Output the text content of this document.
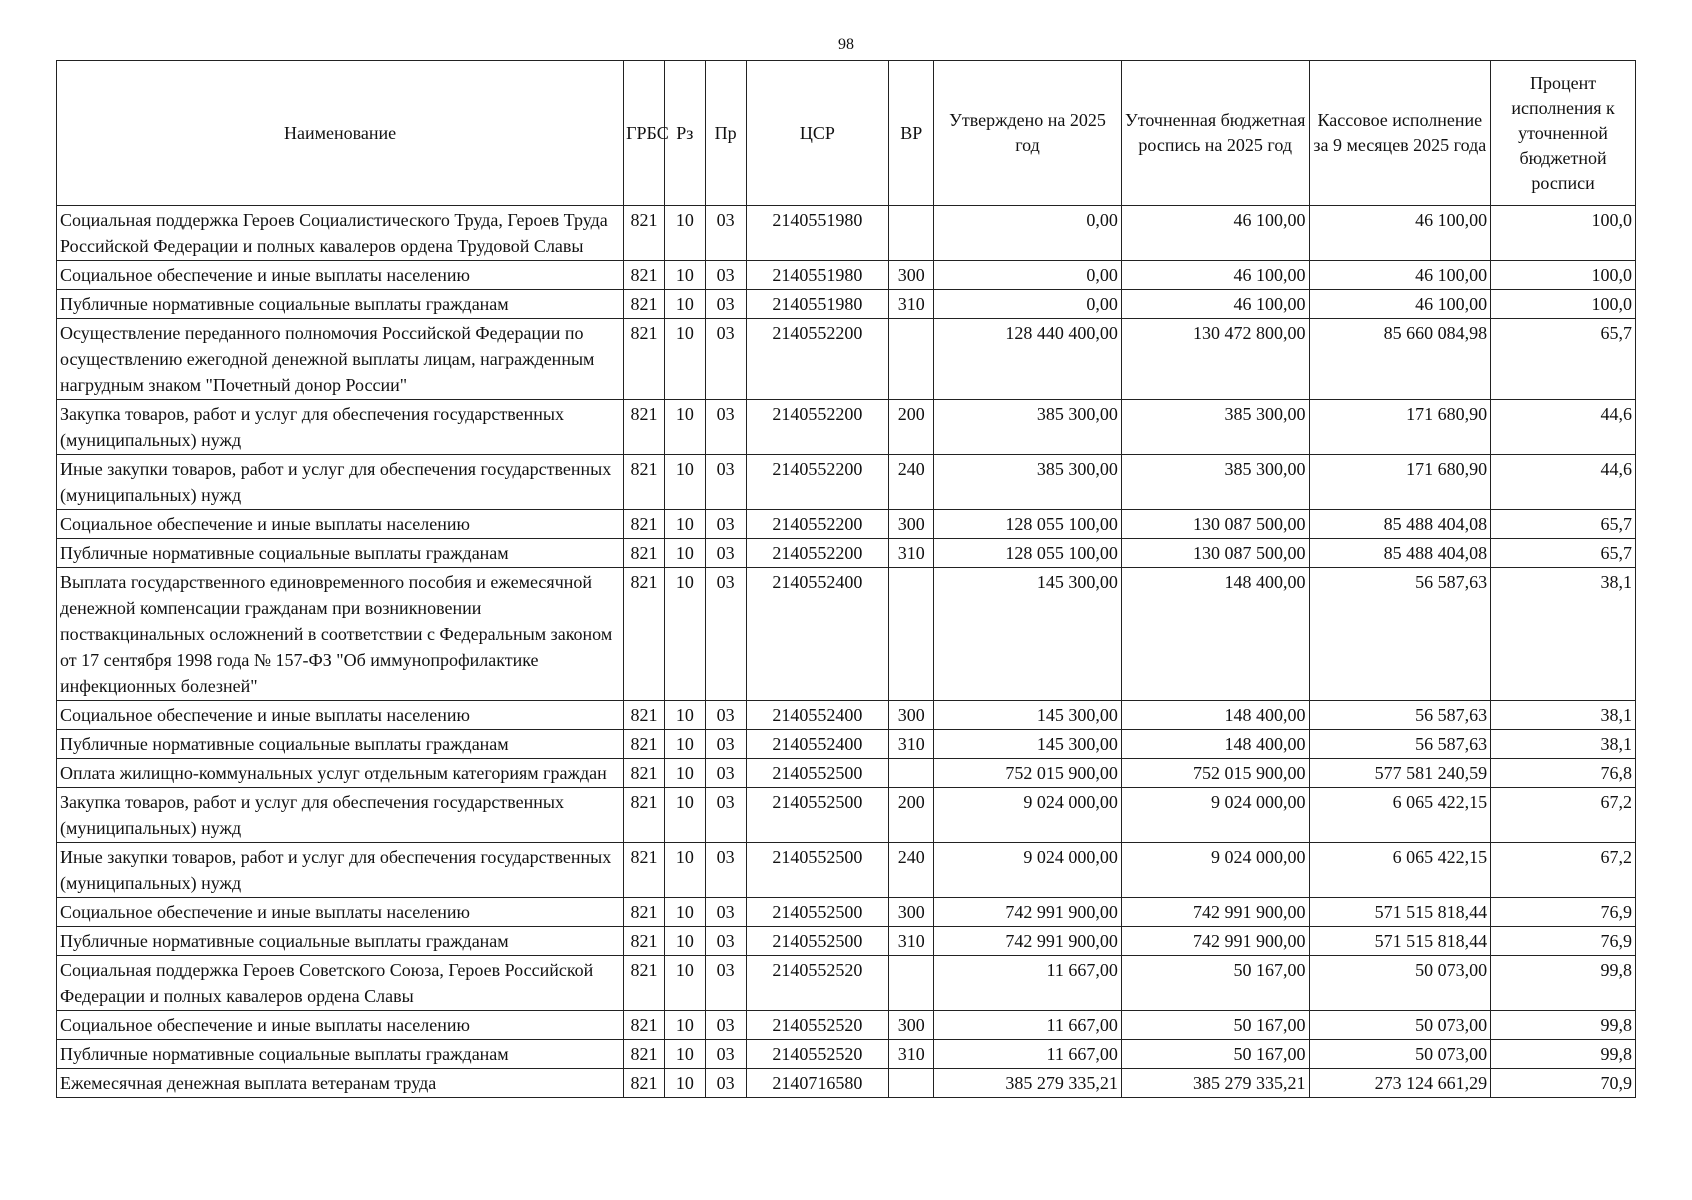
98
Наименование	ГРБС	Рз	Пр	ЦСР	ВР	Утверждено на 2025 год	Уточненная бюджетная роспись на 2025 год	Кассовое исполнение за 9 месяцев 2025 года	Процент исполнения к уточненной бюджетной росписи
Социальная поддержка Героев Социалистического Труда, Героев Труда Российской Федерации и полных кавалеров ордена Трудовой Славы	821	10	03	2140551980		0,00	46 100,00	46 100,00	100,0
Социальное обеспечение и иные выплаты населению	821	10	03	2140551980	300	0,00	46 100,00	46 100,00	100,0
Публичные нормативные социальные выплаты гражданам	821	10	03	2140551980	310	0,00	46 100,00	46 100,00	100,0
Осуществление переданного полномочия Российской Федерации по осуществлению ежегодной денежной выплаты лицам, награжденным нагрудным знаком "Почетный донор России"	821	10	03	2140552200		128 440 400,00	130 472 800,00	85 660 084,98	65,7
Закупка товаров, работ и услуг для обеспечения государственных (муниципальных) нужд	821	10	03	2140552200	200	385 300,00	385 300,00	171 680,90	44,6
Иные закупки товаров, работ и услуг для обеспечения государственных (муниципальных) нужд	821	10	03	2140552200	240	385 300,00	385 300,00	171 680,90	44,6
Социальное обеспечение и иные выплаты населению	821	10	03	2140552200	300	128 055 100,00	130 087 500,00	85 488 404,08	65,7
Публичные нормативные социальные выплаты гражданам	821	10	03	2140552200	310	128 055 100,00	130 087 500,00	85 488 404,08	65,7
Выплата государственного единовременного пособия и ежемесячной денежной компенсации гражданам при возникновении поствакцинальных осложнений в соответствии с Федеральным законом от 17 сентября 1998 года № 157-ФЗ "Об иммунопрофилактике инфекционных болезней"	821	10	03	2140552400		145 300,00	148 400,00	56 587,63	38,1
Социальное обеспечение и иные выплаты населению	821	10	03	2140552400	300	145 300,00	148 400,00	56 587,63	38,1
Публичные нормативные социальные выплаты гражданам	821	10	03	2140552400	310	145 300,00	148 400,00	56 587,63	38,1
Оплата жилищно-коммунальных услуг отдельным категориям граждан	821	10	03	2140552500		752 015 900,00	752 015 900,00	577 581 240,59	76,8
Закупка товаров, работ и услуг для обеспечения государственных (муниципальных) нужд	821	10	03	2140552500	200	9 024 000,00	9 024 000,00	6 065 422,15	67,2
Иные закупки товаров, работ и услуг для обеспечения государственных (муниципальных) нужд	821	10	03	2140552500	240	9 024 000,00	9 024 000,00	6 065 422,15	67,2
Социальное обеспечение и иные выплаты населению	821	10	03	2140552500	300	742 991 900,00	742 991 900,00	571 515 818,44	76,9
Публичные нормативные социальные выплаты гражданам	821	10	03	2140552500	310	742 991 900,00	742 991 900,00	571 515 818,44	76,9
Социальная поддержка Героев Советского Союза, Героев Российской Федерации и полных кавалеров ордена Славы	821	10	03	2140552520		11 667,00	50 167,00	50 073,00	99,8
Социальное обеспечение и иные выплаты населению	821	10	03	2140552520	300	11 667,00	50 167,00	50 073,00	99,8
Публичные нормативные социальные выплаты гражданам	821	10	03	2140552520	310	11 667,00	50 167,00	50 073,00	99,8
Ежемесячная денежная выплата ветеранам труда	821	10	03	2140716580		385 279 335,21	385 279 335,21	273 124 661,29	70,9
